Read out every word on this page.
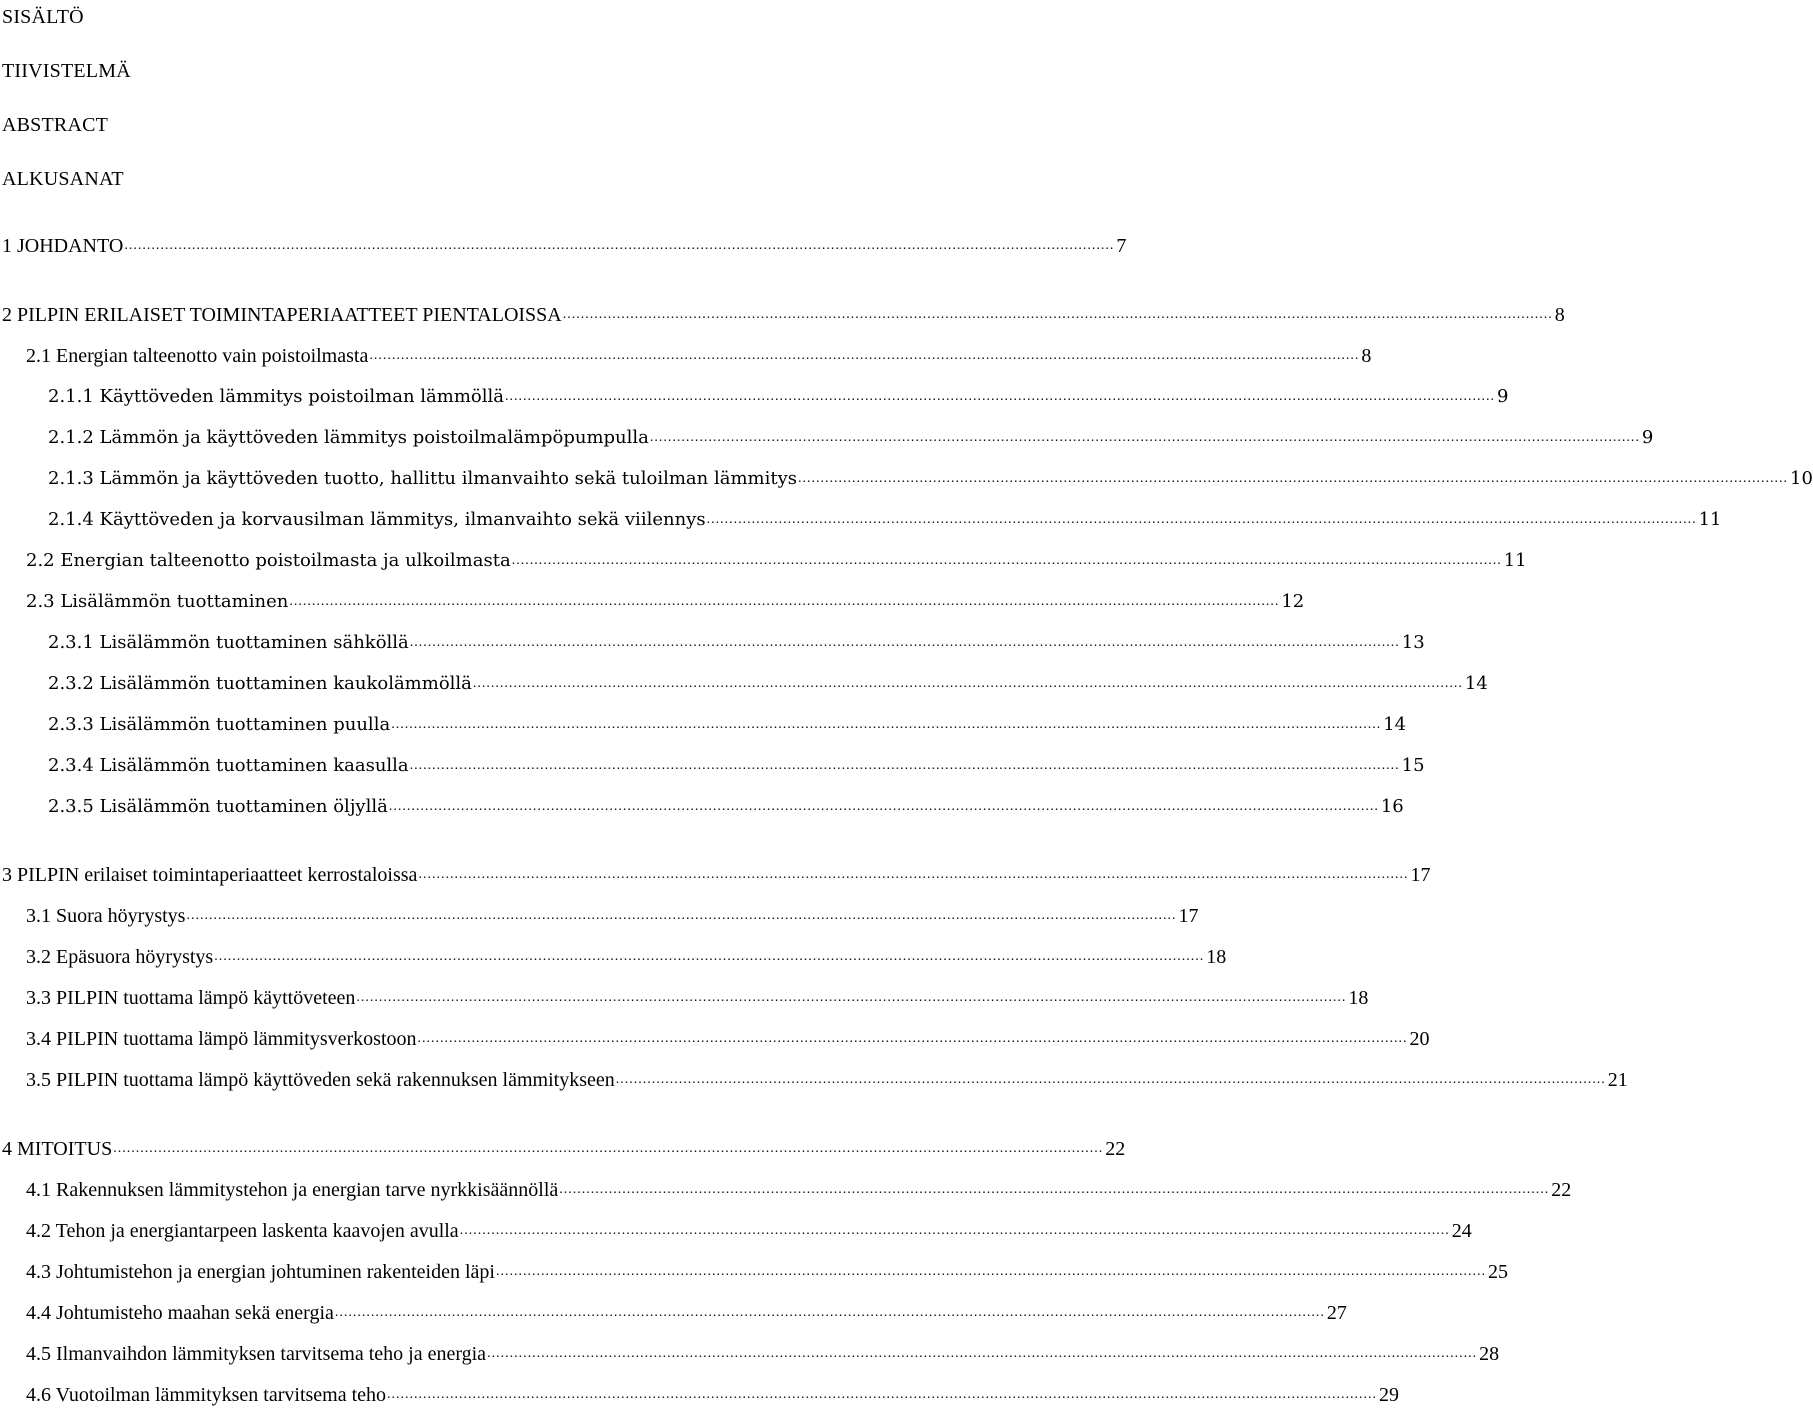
SISÄLTÖ
TIIVISTELMÄ
ABSTRACT
ALKUSANAT
1 JOHDANTO ............................................................................................................................................................................................................................ 7
2 PILPIN ERILAISET TOIMINTAPERIAATTEET PIENTALOISSA ............................................................................................................................................................................................................................ 8
2.1 Energian talteenotto vain poistoilmasta ............................................................................................................................................................................................................................ 8
2.1.1 Käyttöveden lämmitys poistoilman lämmöllä ............................................................................................................................................................................................................................ 9
2.1.2 Lämmön ja käyttöveden lämmitys poistoilmalämpöpumpulla ............................................................................................................................................................................................................................ 9
2.1.3 Lämmön ja käyttöveden tuotto, hallittu ilmanvaihto sekä tuloilman lämmitys ............................................................................................................................................................................................................................ 10
2.1.4 Käyttöveden ja korvausilman lämmitys, ilmanvaihto sekä viilennys ............................................................................................................................................................................................................................ 11
2.2 Energian talteenotto poistoilmasta ja ulkoilmasta ............................................................................................................................................................................................................................ 11
2.3 Lisälämmön tuottaminen ............................................................................................................................................................................................................................ 12
2.3.1 Lisälämmön tuottaminen sähköllä ............................................................................................................................................................................................................................ 13
2.3.2 Lisälämmön tuottaminen kaukolämmöllä ............................................................................................................................................................................................................................ 14
2.3.3 Lisälämmön tuottaminen puulla ............................................................................................................................................................................................................................ 14
2.3.4 Lisälämmön tuottaminen kaasulla ............................................................................................................................................................................................................................ 15
2.3.5 Lisälämmön tuottaminen öljyllä ............................................................................................................................................................................................................................ 16
3 PILPIN erilaiset toimintaperiaatteet kerrostaloissa ............................................................................................................................................................................................................................ 17
3.1 Suora höyrystys ............................................................................................................................................................................................................................ 17
3.2 Epäsuora höyrystys ............................................................................................................................................................................................................................ 18
3.3 PILPIN tuottama lämpö käyttöveteen ............................................................................................................................................................................................................................ 18
3.4 PILPIN tuottama lämpö lämmitysverkostoon ............................................................................................................................................................................................................................ 20
3.5 PILPIN tuottama lämpö käyttöveden sekä rakennuksen lämmitykseen ............................................................................................................................................................................................................................ 21
4 MITOITUS ............................................................................................................................................................................................................................ 22
4.1 Rakennuksen lämmitystehon ja energian tarve nyrkkisäännöllä ............................................................................................................................................................................................................................ 22
4.2 Tehon ja energiantarpeen laskenta kaavojen avulla ............................................................................................................................................................................................................................ 24
4.3 Johtumistehon ja energian johtuminen rakenteiden läpi ............................................................................................................................................................................................................................ 25
4.4 Johtumisteho maahan sekä energia ............................................................................................................................................................................................................................ 27
4.5 Ilmanvaihdon lämmityksen tarvitsema teho ja energia ............................................................................................................................................................................................................................ 28
4.6 Vuotoilman lämmityksen tarvitsema teho ............................................................................................................................................................................................................................ 29
